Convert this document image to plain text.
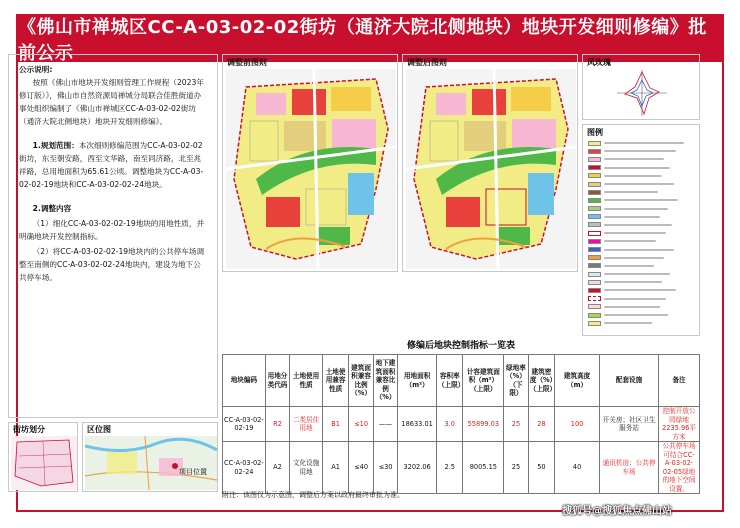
《佛山市禅城区CC-A-03-02-02街坊（通济大院北侧地块）地块开发细则修编》批前公示
公示说明:

按照《佛山市地块开发细则管理工作规程（2023年修订版）》，佛山市自然资源局禅城分局联合佳胜街道办事处组织编制了《佛山市禅城区CC-A-03-02-02街坊（通济大院北侧地块）地块开发细则修编》。

1.规划范围：本次细则修编范围为CC-A-03-02-02街坊，东至朝安路，西至文华路，南至同济路，北至兆祥路，总用地面积为65.61公顷。调整地块为CC-A-03-02-02-19地块和CC-A-03-02-02-24地块。

2.调整内容

（1）细化CC-A-03-02-02-19地块的用地性质，并明确地块开发控制指标。

（2）将CC-A-03-02-02-19地块内的公共停车场调整至南侧的CC-A-03-02-02-24地块内，建设为地下公共停车场。

调整前图则	调整后图则	风玫瑰
图例
修编后地块控制指标一览表
地块编码	用地分类代码	土地使用性质	土地使用兼容性质	建筑面积兼容比例（%）	地下建筑面积兼容比例（%）	用地面积（m²）	容积率（上限）	计容建筑面积（m²）（上限）	绿地率（%）（下限）	建筑密度（%）（上限）	建筑高度（m）	配套设施	备注
CC-A-03-02-02-19	R2	二类居住用地	B1	≤10	——	18633.01	3.0	55899.03	25	28	100	开关房；社区卫生服务站	控制开放公园绿地2235.96平方米
CC-A-03-02-02-24	A2	文化设施用地	A1	≤40	≤30	3202.06	2.5	8005.15	25	50	40	通讯机房；公共停车场	公共停车场可结合CC-A-03-02-02-05绿地的地下空间设置。
附注：该图仅为示意图，调整后方案以政府最终审批为准。
街坊划分	区位图
项目位置
搜狐号@搜狐焦点佛山站
